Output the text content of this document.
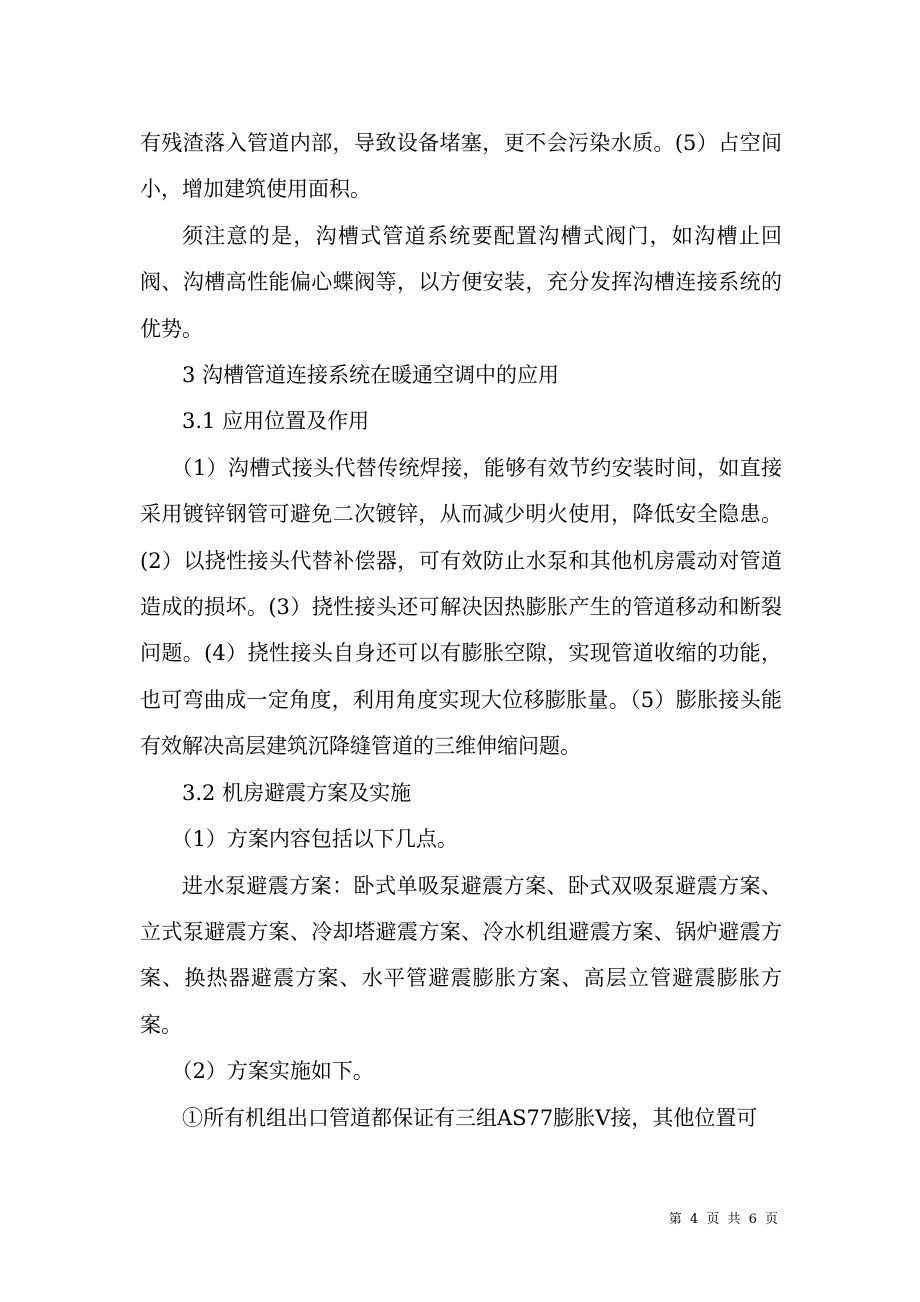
有残渣落入管道内部，导致设备堵塞，更不会污染水质。(5）占空间小，增加建筑使用面积。

须注意的是，沟槽式管道系统要配置沟槽式阀门，如沟槽止回阀、沟槽高性能偏心蝶阀等，以方便安装，充分发挥沟槽连接系统的优势。

3 沟槽管道连接系统在暖通空调中的应用

3.1 应用位置及作用

（1）沟槽式接头代替传统焊接，能够有效节约安装时间，如直接采用镀锌钢管可避免二次镀锌，从而减少明火使用，降低安全隐患。(2）以挠性接头代替补偿器，可有效防止水泵和其他机房震动对管道造成的损坏。(3）挠性接头还可解决因热膨胀产生的管道移动和断裂问题。(4）挠性接头自身还可以有膨胀空隙，实现管道收缩的功能，也可弯曲成一定角度，利用角度实现大位移膨胀量。（5）膨胀接头能有效解决高层建筑沉降缝管道的三维伸缩问题。

3.2 机房避震方案及实施

（1）方案内容包括以下几点。

进水泵避震方案：卧式单吸泵避震方案、卧式双吸泵避震方案、立式泵避震方案、冷却塔避震方案、冷水机组避震方案、锅炉避震方案、换热器避震方案、水平管避震膨胀方案、高层立管避震膨胀方案。

（2）方案实施如下。

①所有机组出口管道都保证有三组AS77膨胀V接，其他位置可

第 4 页 共 6 页
